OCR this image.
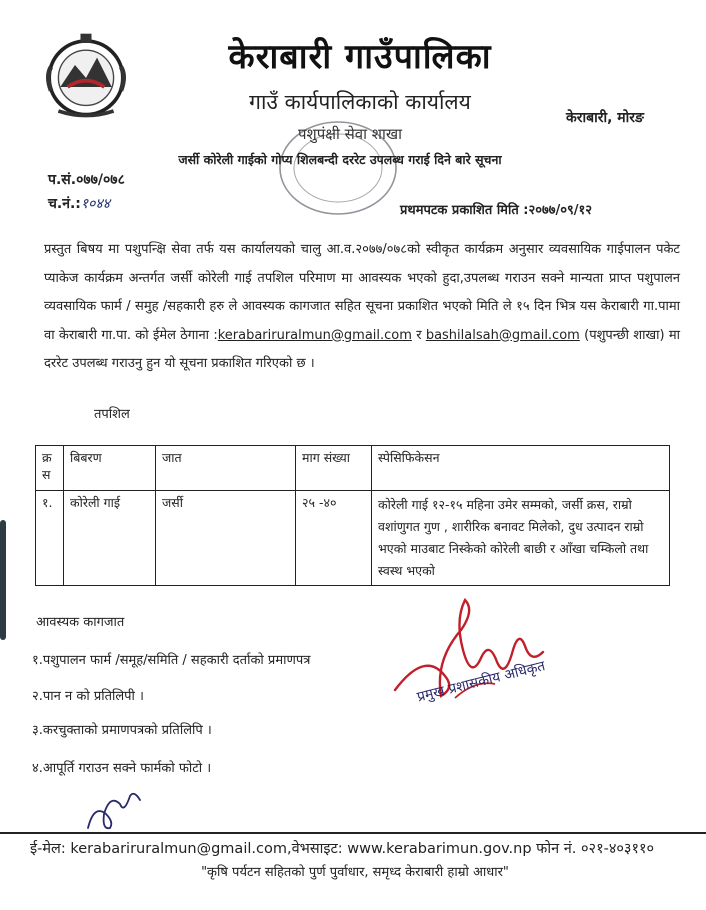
केराबारी गाउँपालिका
गाउँ कार्यपालिकाको कार्यालय
पशुपंक्षी सेवा शाखा
केराबारी, मोरङ
जर्सी कोरेली गाईको गोप्य शिलबन्दी दररेट उपलब्ध गराई दिने बारे सूचना
प.सं.०७७/०७८
च.नं.:१०४४	प्रथमपटक प्रकाशित मिति :२०७७/०९/१२
प्रस्तुत बिषय मा पशुपन्क्षि सेवा तर्फ यस कार्यालयको चालु आ.व.२०७७/०७८को स्वीकृत कार्यक्रम अनुसार व्यवसायिक गाईपालन पकेट प्याकेज कार्यक्रम अन्तर्गत जर्सी कोरेली गाई तपशिल परिमाण मा आवस्यक भएको हुदा,उपलब्ध गराउन सक्ने मान्यता प्राप्त पशुपालन व्यवसायिक फार्म / समुह /सहकारी हरु ले आवस्यक कागजात सहित सूचना प्रकाशित भएको मिति ले १५ दिन भित्र यस केराबारी गा.पामा वा केराबारी गा.पा. को ईमेल ठेगाना :kerabariruralmun@gmail.com र bashilalsah@gmail.com (पशुपन्छी शाखा) मा दररेट उपलब्ध गराउनु हुन यो सूचना प्रकाशित गरिएको छ ।
तपशिल
क्र स	बिबरण	जात	माग संख्या	स्पेसिफिकेसन
१.	कोरेली गाई	जर्सी	२५ -४०	कोरेली गाई १२-१५ महिना उमेर सम्मको, जर्सी क्रस, राम्रो वशांणुगत गुण , शारीरिक बनावट मिलेको, दुध उत्पादन राम्रो भएको माउबाट निस्केको कोरेली बाछी र आँखा चम्किलो तथा स्वस्थ भएको
आवस्यक कागजात
१.पशुपालन फार्म /समूह/समिति / सहकारी दर्ताको प्रमाणपत्र
२.पान न को प्रतिलिपी ।
३.करचुक्ताको प्रमाणपत्रको प्रतिलिपि ।
४.आपूर्ति गराउन सक्ने फार्मको फोटो ।
प्रमुख प्रशासकीय अधिकृत
ई-मेल: kerabariruralmun@gmail.com,वेभसाइट: www.kerabarimun.gov.np फोन नं. ०२१-४०३११०
"कृषि पर्यटन सहितको पुर्ण पुर्वाधार, समृध्द केराबारी हाम्रो आधार"
